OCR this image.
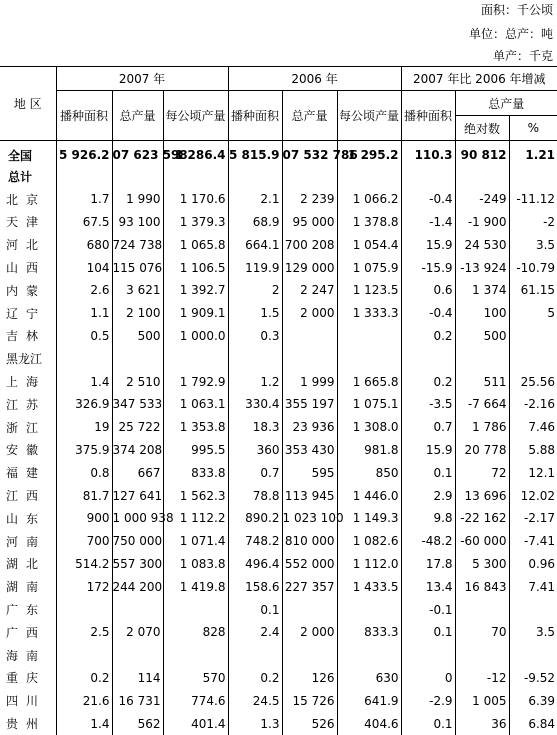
面积：千公顷
单位：总产：吨
单产：千克
地 区	2007 年			2006 年			2007 年比 2006 年增减		
	播种面积	总产量	每公顷产量	播种面积	总产量	每公顷产量	播种面积	总产量	
								绝对数	%
全国	5 926.2	07 623 598	1 286.4	5 815.9	07 532 786	1 295.2	110.3	90 812	1.21
总计									
北京	1.7	1 990	1 170.6	2.1	2 239	1 066.2	-0.4	-249	-11.12
天津	67.5	93 100	1 379.3	68.9	95 000	1 378.8	-1.4	-1 900	-2
河北	680	724 738	1 065.8	664.1	700 208	1 054.4	15.9	24 530	3.5
山西	104	115 076	1 106.5	119.9	129 000	1 075.9	-15.9	-13 924	-10.79
内蒙	2.6	3 621	1 392.7	2	2 247	1 123.5	0.6	1 374	61.15
辽宁	1.1	2 100	1 909.1	1.5	2 000	1 333.3	-0.4	100	5
吉林	0.5	500	1 000.0	0.3			0.2	500	
黑龙江									
上海	1.4	2 510	1 792.9	1.2	1 999	1 665.8	0.2	511	25.56
江苏	326.9	347 533	1 063.1	330.4	355 197	1 075.1	-3.5	-7 664	-2.16
浙江	19	25 722	1 353.8	18.3	23 936	1 308.0	0.7	1 786	7.46
安徽	375.9	374 208	995.5	360	353 430	981.8	15.9	20 778	5.88
福建	0.8	667	833.8	0.7	595	850	0.1	72	12.1
江西	81.7	127 641	1 562.3	78.8	113 945	1 446.0	2.9	13 696	12.02
山东	900	1 000 938	1 112.2	890.2	1 023 100	1 149.3	9.8	-22 162	-2.17
河南	700	750 000	1 071.4	748.2	810 000	1 082.6	-48.2	-60 000	-7.41
湖北	514.2	557 300	1 083.8	496.4	552 000	1 112.0	17.8	5 300	0.96
湖南	172	244 200	1 419.8	158.6	227 357	1 433.5	13.4	16 843	7.41
广东				0.1			-0.1		
广西	2.5	2 070	828	2.4	2 000	833.3	0.1	70	3.5
海南									
重庆	0.2	114	570	0.2	126	630	0	-12	-9.52
四川	21.6	16 731	774.6	24.5	15 726	641.9	-2.9	1 005	6.39
贵州	1.4	562	401.4	1.3	526	404.6	0.1	36	6.84
